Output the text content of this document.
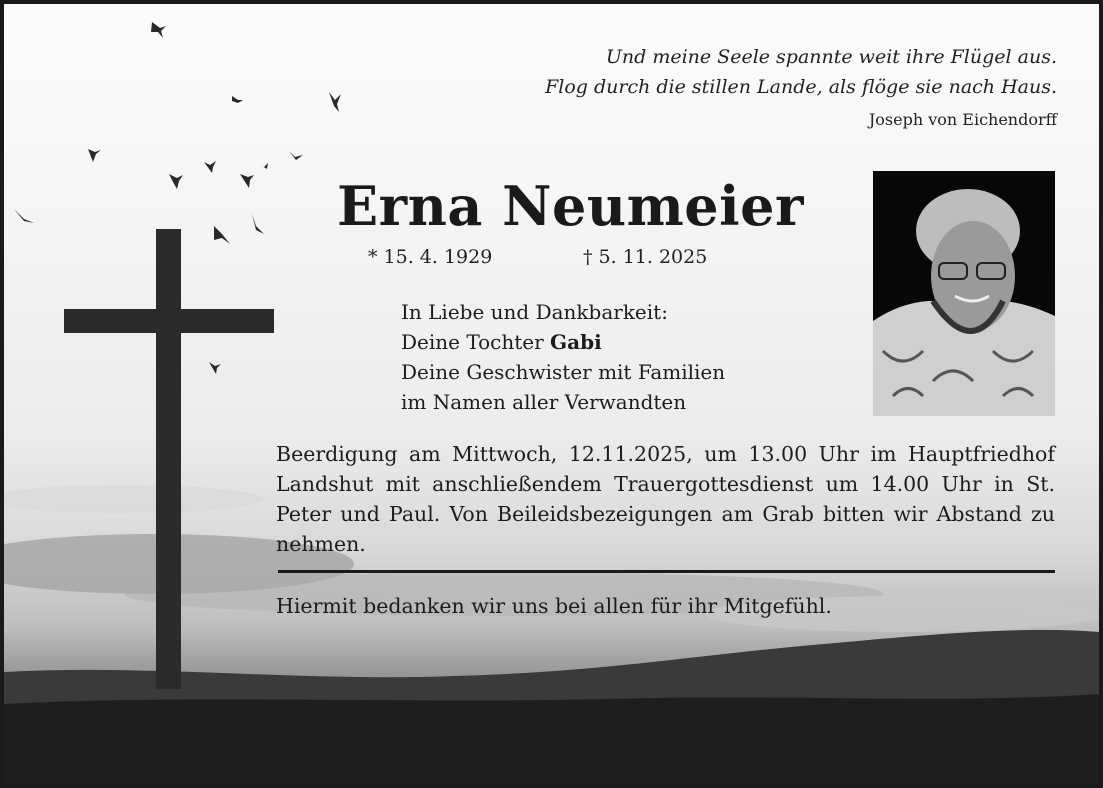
Und meine Seele spannte weit ihre Flügel aus.
Flog durch die stillen Lande, als flöge sie nach Haus.
Joseph von Eichendorff
Erna Neumeier
* 15. 4. 1929	† 5. 11. 2025
In Liebe und Dankbarkeit:
Deine Tochter Gabi
Deine Geschwister mit Familien
im Namen aller Verwandten
Beerdigung am Mittwoch, 12.11.2025, um 13.00 Uhr im Hauptfriedhof Landshut mit anschließendem Trauergottesdienst um 14.00 Uhr in St. Peter und Paul. Von Beileidsbezeigungen am Grab bitten wir Abstand zu nehmen.
Hiermit bedanken wir uns bei allen für ihr Mitgefühl.
